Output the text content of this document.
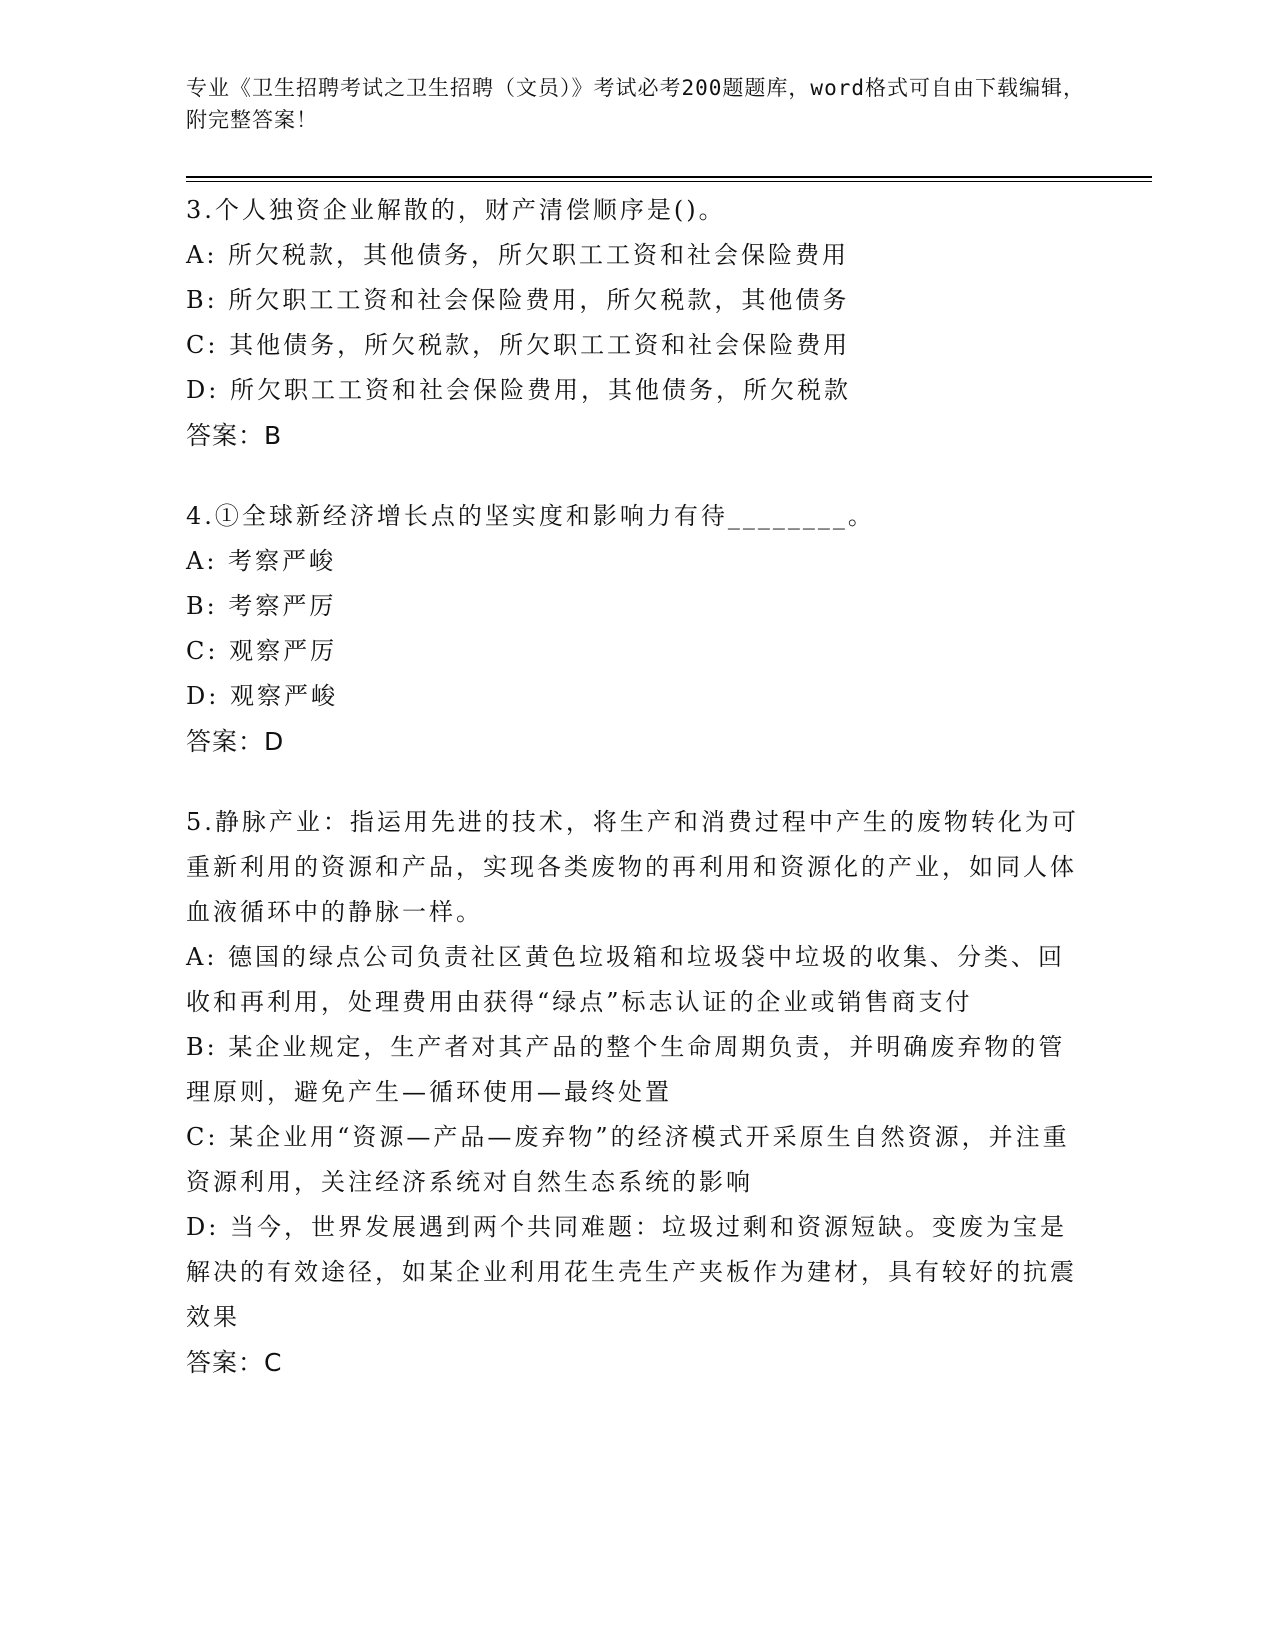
专业《卫生招聘考试之卫生招聘（文员）》考试必考200题题库，word格式可自由下载编辑，附完整答案！
3.个人独资企业解散的，财产清偿顺序是()。
A: 所欠税款，其他债务，所欠职工工资和社会保险费用
B: 所欠职工工资和社会保险费用，所欠税款，其他债务
C: 其他债务，所欠税款，所欠职工工资和社会保险费用
D: 所欠职工工资和社会保险费用，其他债务，所欠税款
答案：B
4.①全球新经济增长点的坚实度和影响力有待________。
A: 考察严峻
B: 考察严厉
C: 观察严厉
D: 观察严峻
答案：D
5.静脉产业：指运用先进的技术，将生产和消费过程中产生的废物转化为可重新利用的资源和产品，实现各类废物的再利用和资源化的产业，如同人体血液循环中的静脉一样。
A: 德国的绿点公司负责社区黄色垃圾箱和垃圾袋中垃圾的收集、分类、回收和再利用，处理费用由获得“绿点”标志认证的企业或销售商支付
B: 某企业规定，生产者对其产品的整个生命周期负责，并明确废弃物的管理原则，避免产生—循环使用—最终处置
C: 某企业用“资源—产品—废弃物”的经济模式开采原生自然资源，并注重资源利用，关注经济系统对自然生态系统的影响
D: 当今，世界发展遇到两个共同难题：垃圾过剩和资源短缺。变废为宝是解决的有效途径，如某企业利用花生壳生产夹板作为建材，具有较好的抗震效果
答案：C
